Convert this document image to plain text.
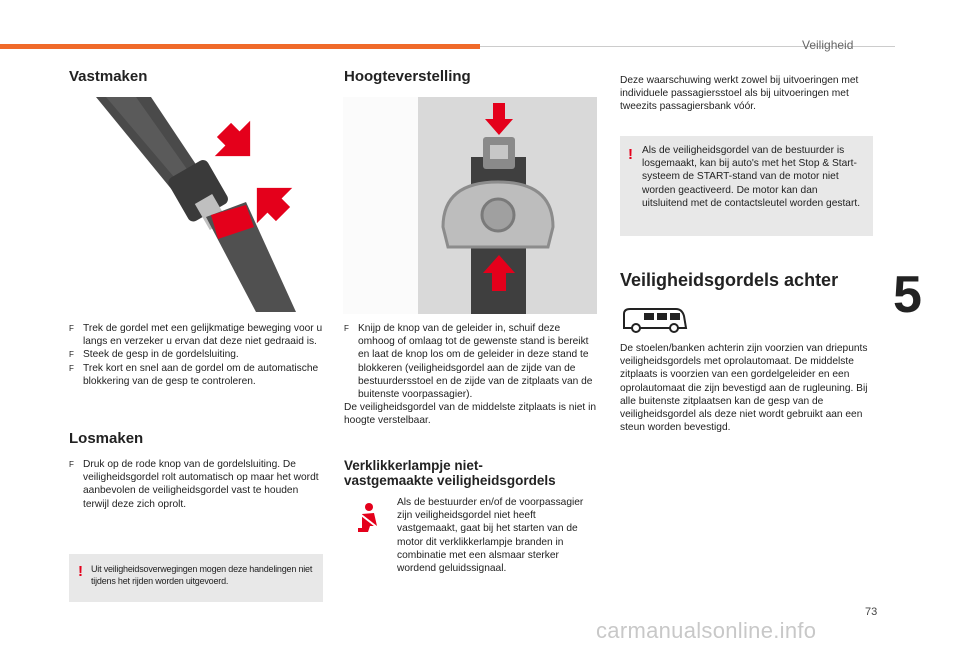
Veiligheid
5
Vastmaken
F Trek de gordel met een gelijkmatige beweging voor u langs en verzeker u ervan dat deze niet gedraaid is.
F Steek de gesp in de gordelsluiting.
F Trek kort en snel aan de gordel om de automatische blokkering van de gesp te controleren.
Losmaken
F Druk op de rode knop van de gordelsluiting. De veiligheidsgordel rolt automatisch op maar het wordt aanbevolen de veiligheidsgordel vast te houden terwijl deze zich oprolt.
! Uit veiligheidsoverwegingen mogen deze handelingen niet tijdens het rijden worden uitgevoerd.

Hoogteverstelling
F Knijp de knop van de geleider in, schuif deze omhoog of omlaag tot de gewenste stand is bereikt en laat de knop los om de geleider in deze stand te blokkeren (veiligheidsgordel aan de zijde van de bestuurdersstoel en de zijde van de zitplaats van de buitenste voorpassagier).

De veiligheidsgordel van de middelste zitplaats is niet in hoogte verstelbaar.

Verklikkerlampje niet-
vastgemaakte veiligheidsgordels

Als de bestuurder en/of de voorpassagier zijn veiligheidsgordel niet heeft vastgemaakt, gaat bij het starten van de motor dit verklikkerlampje branden in combinatie met een alsmaar sterker wordend geluidssignaal.

Deze waarschuwing werkt zowel bij uitvoeringen met individuele passagiersstoel als bij uitvoeringen met tweezits passagiersbank vóór.

! Als de veiligheidsgordel van de bestuurder is losgemaakt, kan bij auto's met het Stop & Start-systeem de START-stand van de motor niet worden geactiveerd. De motor kan dan uitsluitend met de contactsleutel worden gestart.

Veiligheidsgordels achter

De stoelen/banken achterin zijn voorzien van driepunts veiligheidsgordels met oprolautomaat. De middelste zitplaats is voorzien van een gordelgeleider en een oprolautomaat die zijn bevestigd aan de rugleuning. Bij alle buitenste zitplaatsen kan de gesp van de veiligheidsgordel als deze niet wordt gebruikt aan een steun worden bevestigd.

73
carmanualsonline.info
